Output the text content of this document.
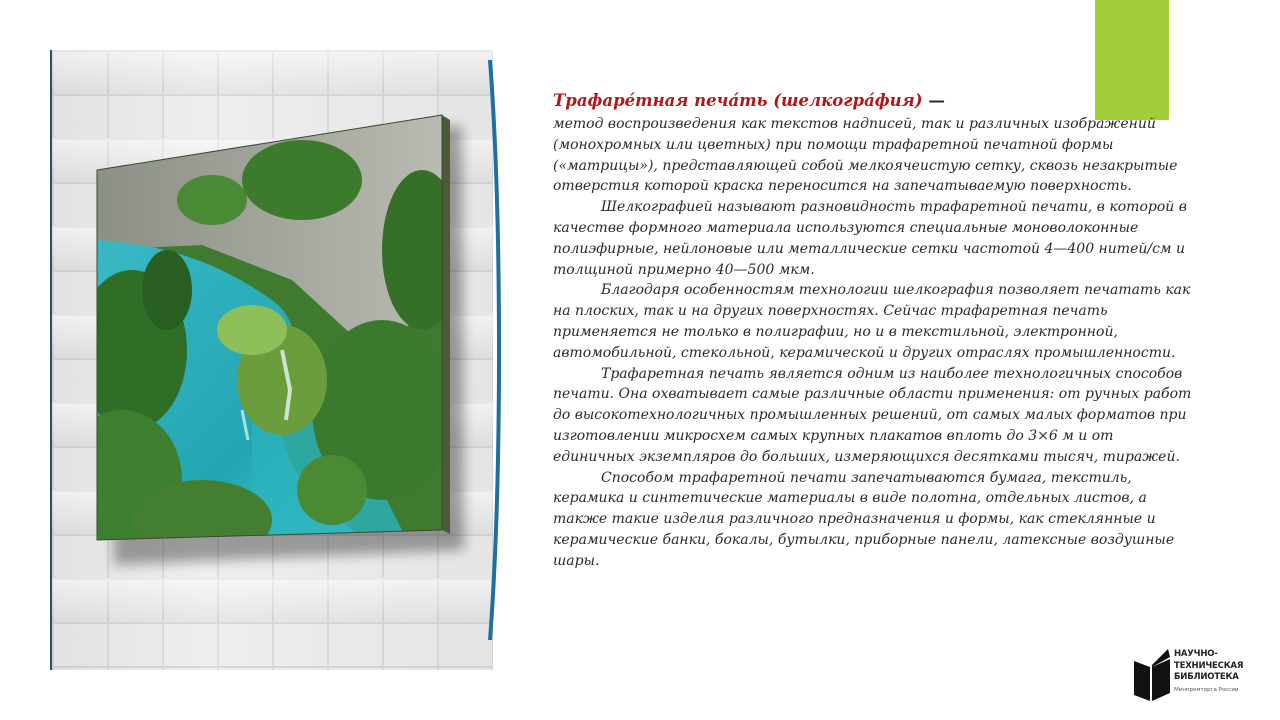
Трафаре́тная печа́ть (шелкогра́фия) —

метод воспроизведения как текстов надписей, так и различных изображений (монохромных или цветных) при помощи трафаретной печатной формы («матрицы»), представляющей собой мелкоячеистую сетку, сквозь незакрытые отверстия которой краска переносится на запечатываемую поверхность.

Шелкографией называют разновидность трафаретной печати, в которой в качестве формного материала используются специальные моноволоконные полиэфирные, нейлоновые или металлические сетки частотой 4—400 нитей/см и толщиной примерно 40—500 мкм.

Благодаря особенностям технологии шелкография позволяет печатать как на плоских, так и на других поверхностях. Сейчас трафаретная печать применяется не только в полиграфии, но и в текстильной, электронной, автомобильной, стекольной, керамической и других отраслях промышленности.

Трафаретная печать является одним из наиболее технологичных способов печати. Она охватывает самые различные области применения: от ручных работ до высокотехнологичных промышленных решений, от самых малых форматов при изготовлении микросхем самых крупных плакатов вплоть до 3×6 м и от единичных экземпляров до больших, измеряющихся десятками тысяч, тиражей.

Способом трафаретной печати запечатываются бумага, текстиль, керамика и синтетические материалы в виде полотна, отдельных листов, а также такие изделия различного предназначения и формы, как стеклянные и керамические банки, бокалы, бутылки, приборные панели, латексные воздушные шары.

НАУЧНО-
ТЕХНИЧЕСКАЯ
БИБЛИОТЕКА
Минпромторга России
